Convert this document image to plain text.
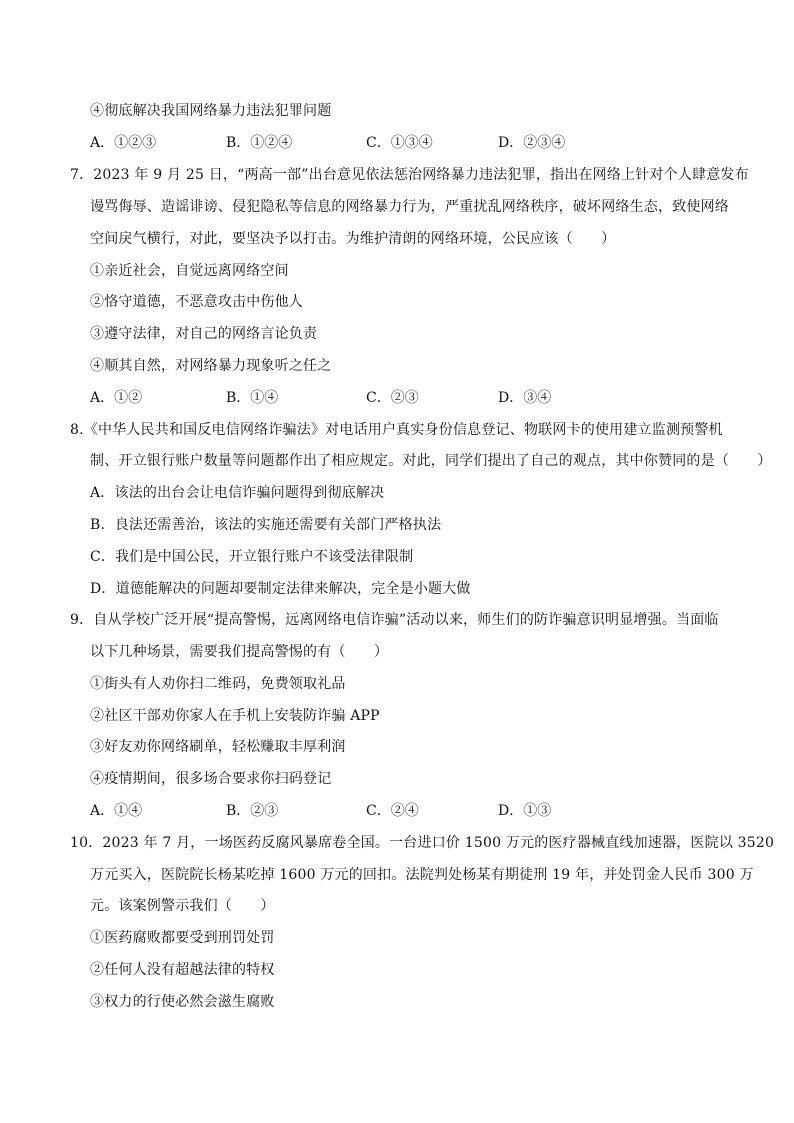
④彻底解决我国网络暴力违法犯罪问题
A．①②③	B．①②④	C．①③④	D．②③④
7．2023 年 9 月 25 日，“两高一部”出台意见依法惩治网络暴力违法犯罪，指出在网络上针对个人肆意发布
谩骂侮辱、造谣诽谤、侵犯隐私等信息的网络暴力行为，严重扰乱网络秩序，破坏网络生态，致使网络
空间戾气横行，对此，要坚决予以打击。为维护清朗的网络环境，公民应该（　　）
①亲近社会，自觉远离网络空间
②恪守道德，不恶意攻击中伤他人
③遵守法律，对自己的网络言论负责
④顺其自然，对网络暴力现象听之任之
A．①②	B．①④	C．②③	D．③④
8.《中华人民共和国反电信网络诈骗法》对电话用户真实身份信息登记、物联网卡的使用建立监测预警机
制、开立银行账户数量等问题都作出了相应规定。对此，同学们提出了自己的观点，其中你赞同的是（　　）
A．该法的出台会让电信诈骗问题得到彻底解决
B．良法还需善治，该法的实施还需要有关部门严格执法
C．我们是中国公民，开立银行账户不该受法律限制
D．道德能解决的问题却要制定法律来解决，完全是小题大做
9．自从学校广泛开展“提高警惕，远离网络电信诈骗”活动以来，师生们的防诈骗意识明显增强。当面临
以下几种场景，需要我们提高警惕的有（　　）
①街头有人劝你扫二维码，免费领取礼品
②社区干部劝你家人在手机上安装防诈骗 APP
③好友劝你网络刷单，轻松赚取丰厚利润
④疫情期间，很多场合要求你扫码登记
A．①④	B．②③	C．②④	D．①③
10．2023 年 7 月，一场医药反腐风暴席卷全国。一台进口价 1500 万元的医疗器械直线加速器，医院以 3520
万元买入，医院院长杨某吃掉 1600 万元的回扣。法院判处杨某有期徒刑 19 年，并处罚金人民币 300 万
元。该案例警示我们（　　）
①医药腐败都要受到刑罚处罚
②任何人没有超越法律的特权
③权力的行使必然会滋生腐败
